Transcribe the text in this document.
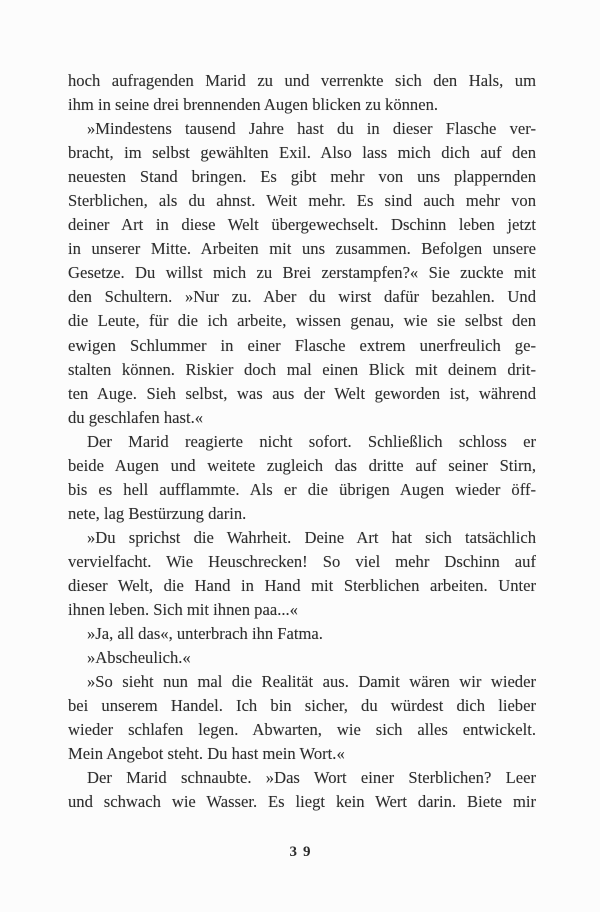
hoch aufragenden Marid zu und verrenkte sich den Hals, um
ihm in seine drei brennenden Augen blicken zu können.
»Mindestens tausend Jahre hast du in dieser Flasche ver-
bracht, im selbst gewählten Exil. Also lass mich dich auf den
neuesten Stand bringen. Es gibt mehr von uns plappernden
Sterblichen, als du ahnst. Weit mehr. Es sind auch mehr von
deiner Art in diese Welt übergewechselt. Dschinn leben jetzt
in unserer Mitte. Arbeiten mit uns zusammen. Befolgen unsere
Gesetze. Du willst mich zu Brei zerstampfen?« Sie zuckte mit
den Schultern. »Nur zu. Aber du wirst dafür bezahlen. Und
die Leute, für die ich arbeite, wissen genau, wie sie selbst den
ewigen Schlummer in einer Flasche extrem unerfreulich ge-
stalten können. Riskier doch mal einen Blick mit deinem drit-
ten Auge. Sieh selbst, was aus der Welt geworden ist, während
du geschlafen hast.«
Der Marid reagierte nicht sofort. Schließlich schloss er
beide Augen und weitete zugleich das dritte auf seiner Stirn,
bis es hell aufflammte. Als er die übrigen Augen wieder öff-
nete, lag Bestürzung darin.
»Du sprichst die Wahrheit. Deine Art hat sich tatsächlich
vervielfacht. Wie Heuschrecken! So viel mehr Dschinn auf
dieser Welt, die Hand in Hand mit Sterblichen arbeiten. Unter
ihnen leben. Sich mit ihnen paa...«
»Ja, all das«, unterbrach ihn Fatma.
»Abscheulich.«
»So sieht nun mal die Realität aus. Damit wären wir wieder
bei unserem Handel. Ich bin sicher, du würdest dich lieber
wieder schlafen legen. Abwarten, wie sich alles entwickelt.
Mein Angebot steht. Du hast mein Wort.«
Der Marid schnaubte. »Das Wort einer Sterblichen? Leer
und schwach wie Wasser. Es liegt kein Wert darin. Biete mir
39
